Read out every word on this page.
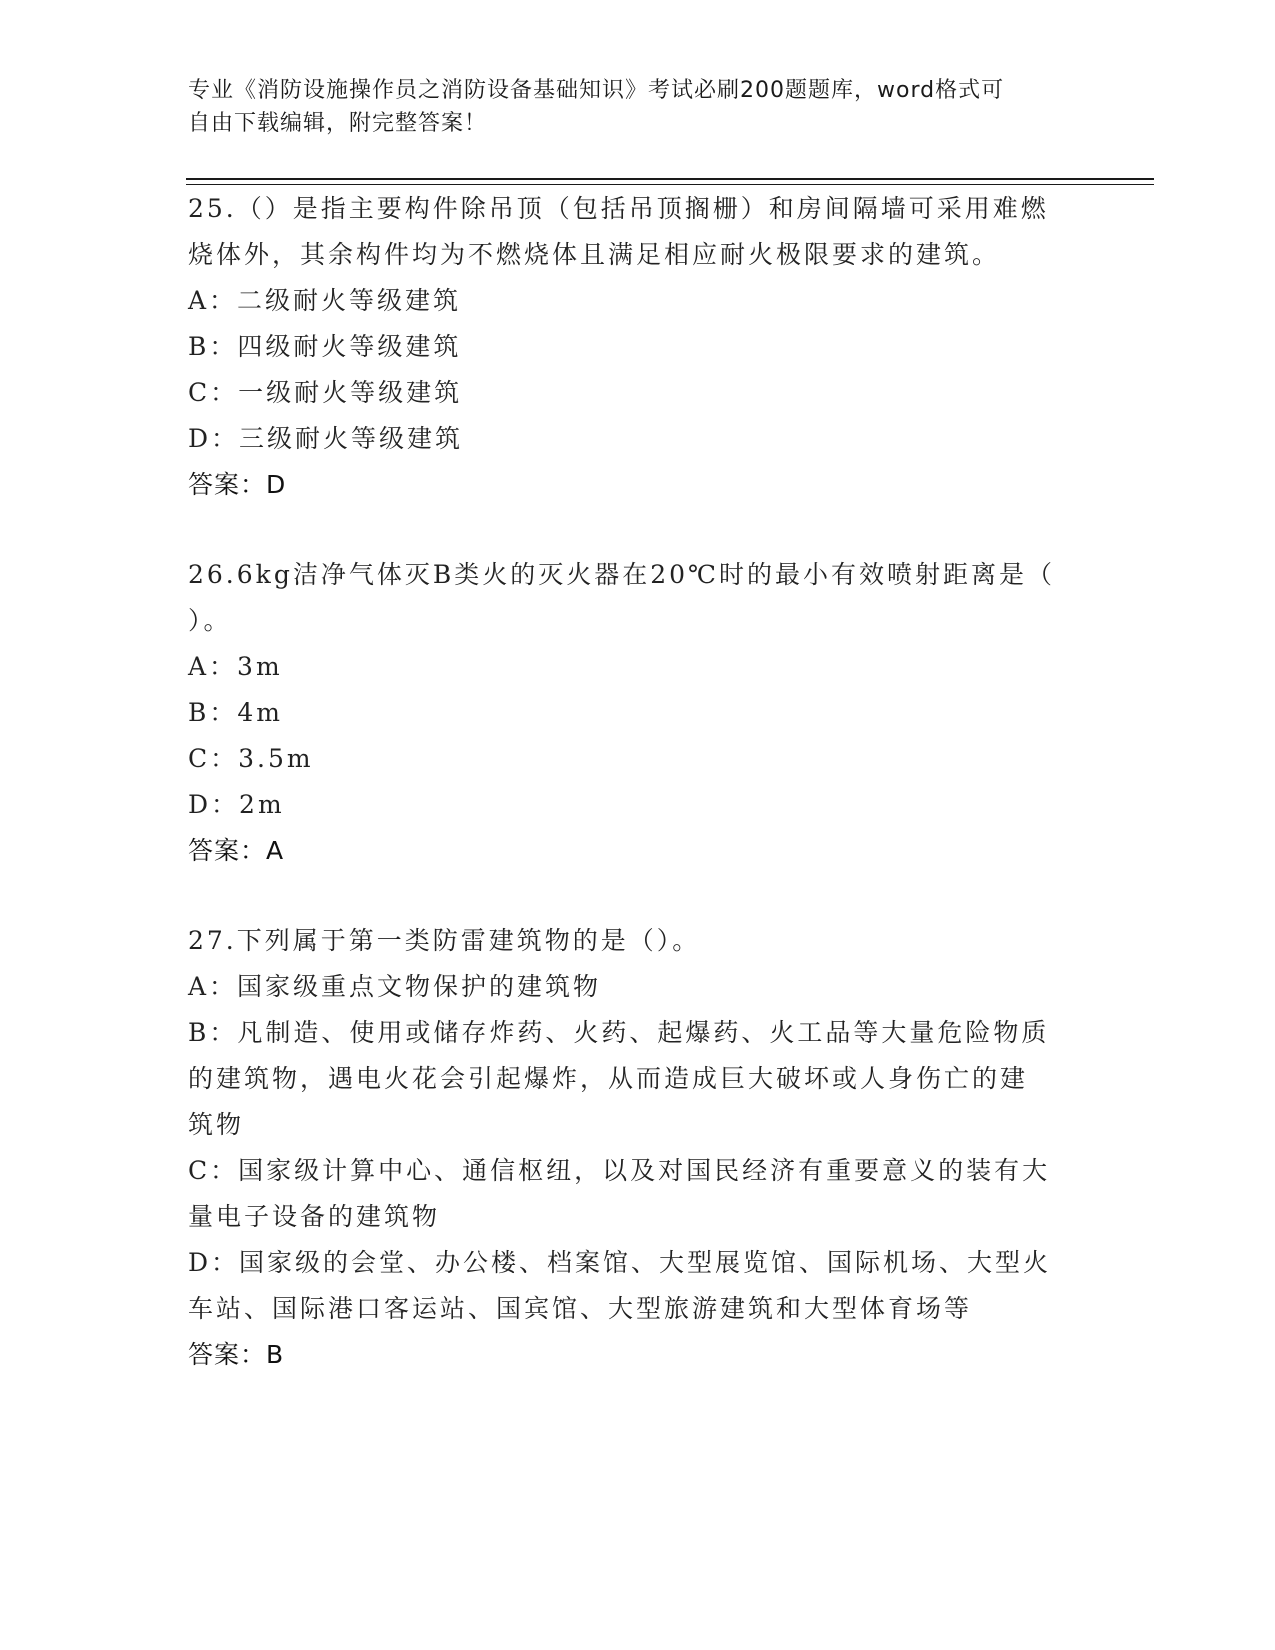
专业《消防设施操作员之消防设备基础知识》考试必刷200题题库，word格式可
自由下载编辑，附完整答案！

25.（）是指主要构件除吊顶（包括吊顶搁栅）和房间隔墙可采用难燃

烧体外，其余构件均为不燃烧体且满足相应耐火极限要求的建筑。

A：二级耐火等级建筑

B：四级耐火等级建筑

C：一级耐火等级建筑

D：三级耐火等级建筑

答案：D

26.6kg洁净气体灭B类火的灭火器在20℃时的最小有效喷射距离是（

）。

A：3m

B：4m

C：3.5m

D：2m

答案：A

27.下列属于第一类防雷建筑物的是（）。

A：国家级重点文物保护的建筑物

B：凡制造、使用或储存炸药、火药、起爆药、火工品等大量危险物质

的建筑物，遇电火花会引起爆炸，从而造成巨大破坏或人身伤亡的建

筑物

C：国家级计算中心、通信枢纽，以及对国民经济有重要意义的装有大

量电子设备的建筑物

D：国家级的会堂、办公楼、档案馆、大型展览馆、国际机场、大型火

车站、国际港口客运站、国宾馆、大型旅游建筑和大型体育场等

答案：B
